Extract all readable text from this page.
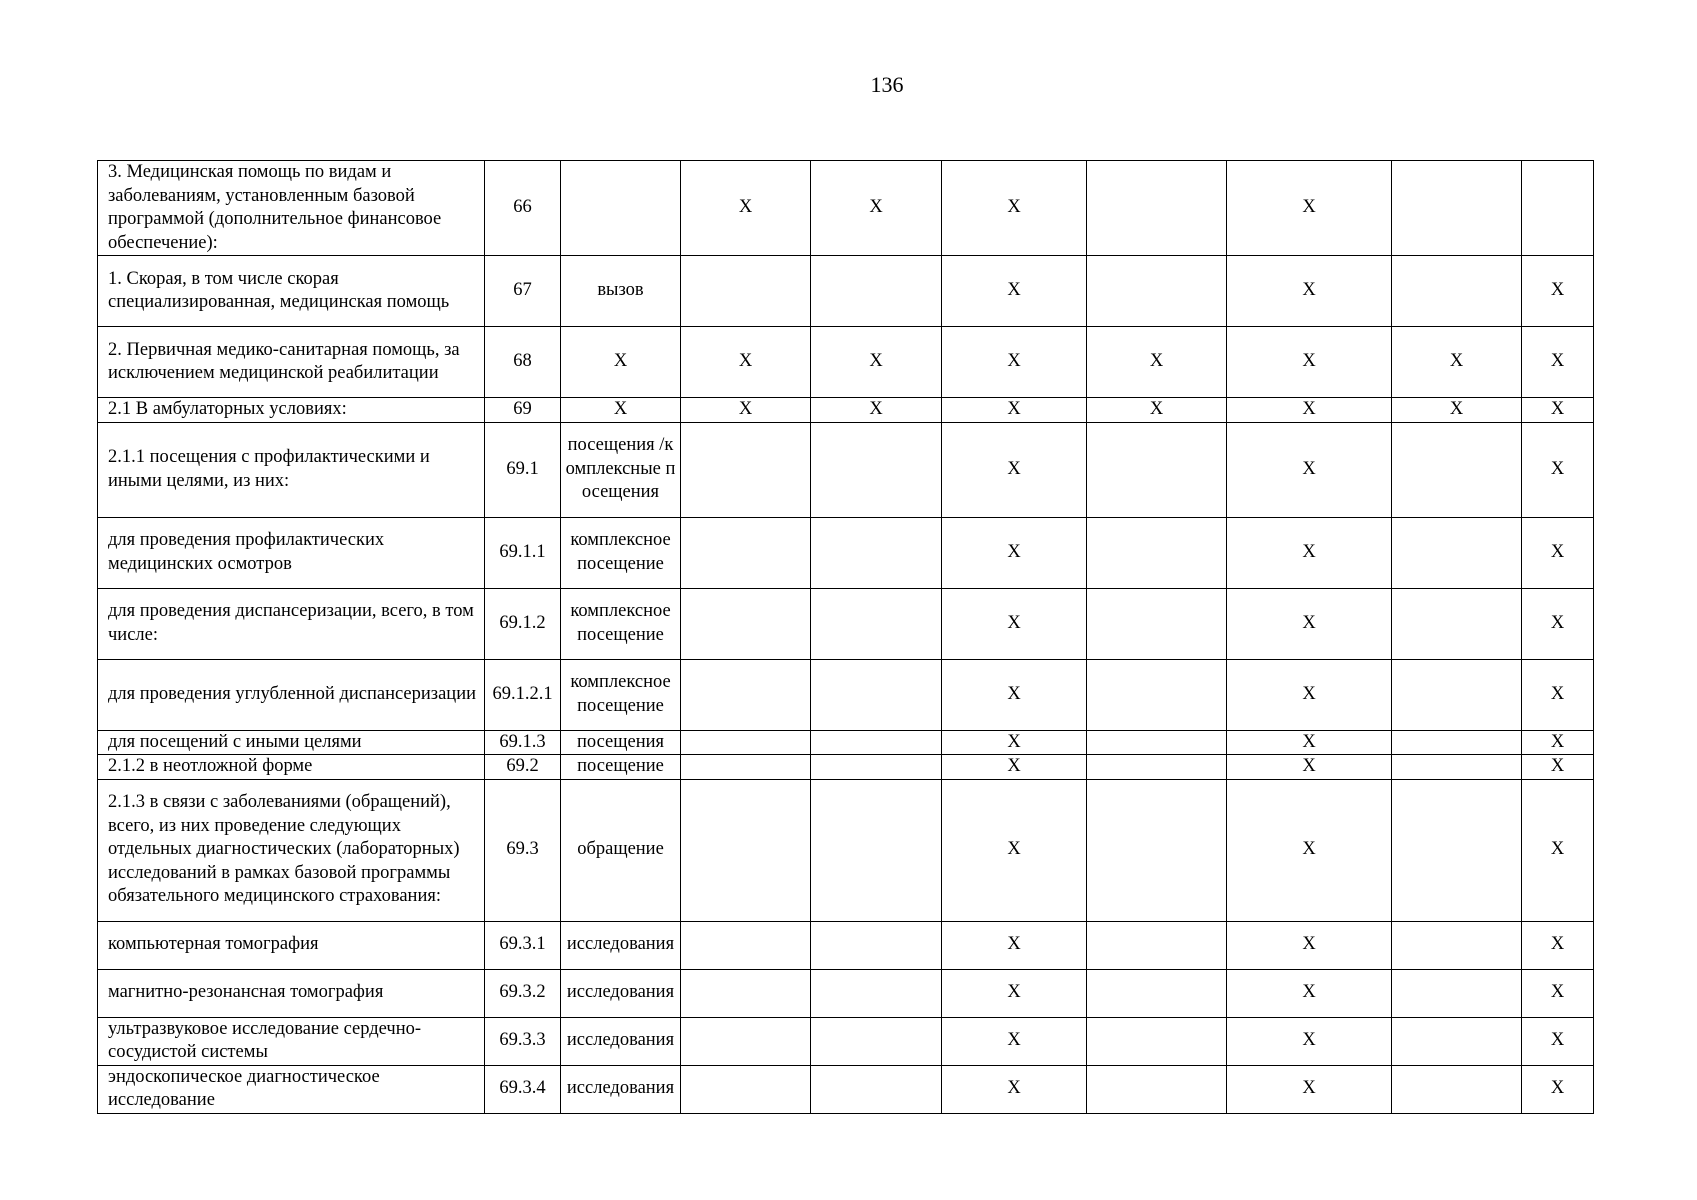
136
3. Медицинская помощь по видам и заболеваниям, установленным базовой программой (дополнительное финансовое обеспечение):	66		X	X	X		X		
1. Скорая, в том числе скорая специализированная, медицинская помощь	67	вызов			X		X		X
2. Первичная медико-санитарная помощь, за исключением медицинской реабилитации	68	X	X	X	X	X	X	X	X
2.1 В амбулаторных условиях:	69	X	X	X	X	X	X	X	X
2.1.1 посещения с профилактическими и иными целями, из них:	69.1	посещения /комплексные посещения			X		X		X
для проведения профилактических медицинских осмотров	69.1.1	комплексное посещение			X		X		X
для проведения диспансеризации, всего, в том числе:	69.1.2	комплексное посещение			X		X		X
для проведения углубленной диспансеризации	69.1.2.1	комплексное посещение			X		X		X
для посещений с иными целями	69.1.3	посещения			X		X		X
2.1.2 в неотложной форме	69.2	посещение			X		X		X
2.1.3 в связи с заболеваниями (обращений), всего, из них проведение следующих отдельных диагностических (лабораторных) исследований в рамках базовой программы обязательного медицинского страхования:	69.3	обращение			X		X		X
компьютерная томография	69.3.1	исследования			X		X		X
магнитно-резонансная томография	69.3.2	исследования			X		X		X
ультразвуковое исследование сердечно-сосудистой системы	69.3.3	исследования			X		X		X
эндоскопическое диагностическое исследование	69.3.4	исследования			X		X		X
